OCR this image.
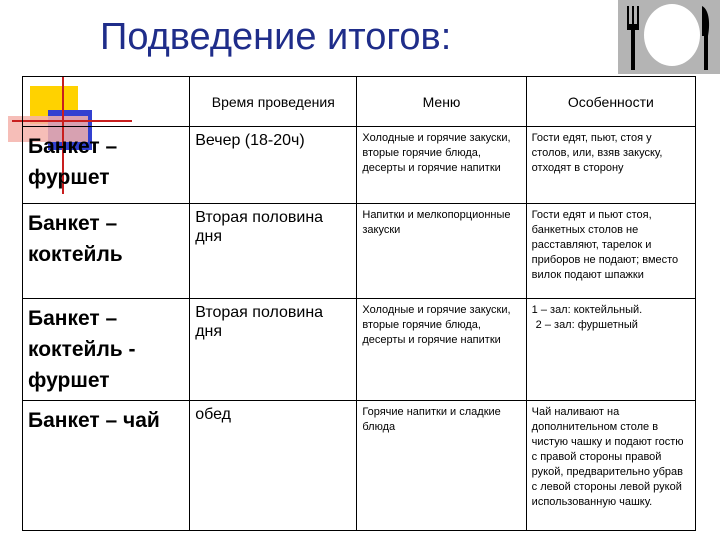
Подведение итогов:
	Время проведения	Меню	Особенности
Банкет – фуршет	Вечер (18-20ч)	Холодные и горячие закуски, вторые горячие блюда, десерты и горячие напитки	Гости едят, пьют, стоя у столов, или, взяв закуску, отходят в сторону
Банкет – коктейль	Вторая половина дня	Напитки и мелкопорционные закуски	Гости едят и пьют стоя, банкетных столов не расставляют, тарелок и приборов не подают; вместо вилок подают шпажки
Банкет – коктейль - фуршет	Вторая половина дня	Холодные и горячие закуски, вторые горячие блюда, десерты и горячие напитки	1 – зал: коктейльный.
2 – зал: фуршетный

Банкет – чай	обед	Горячие напитки и сладкие блюда	Чай наливают на дополнительном столе в чистую чашку и подают гостю с правой стороны правой рукой, предварительно убрав с левой стороны левой рукой использованную чашку.
